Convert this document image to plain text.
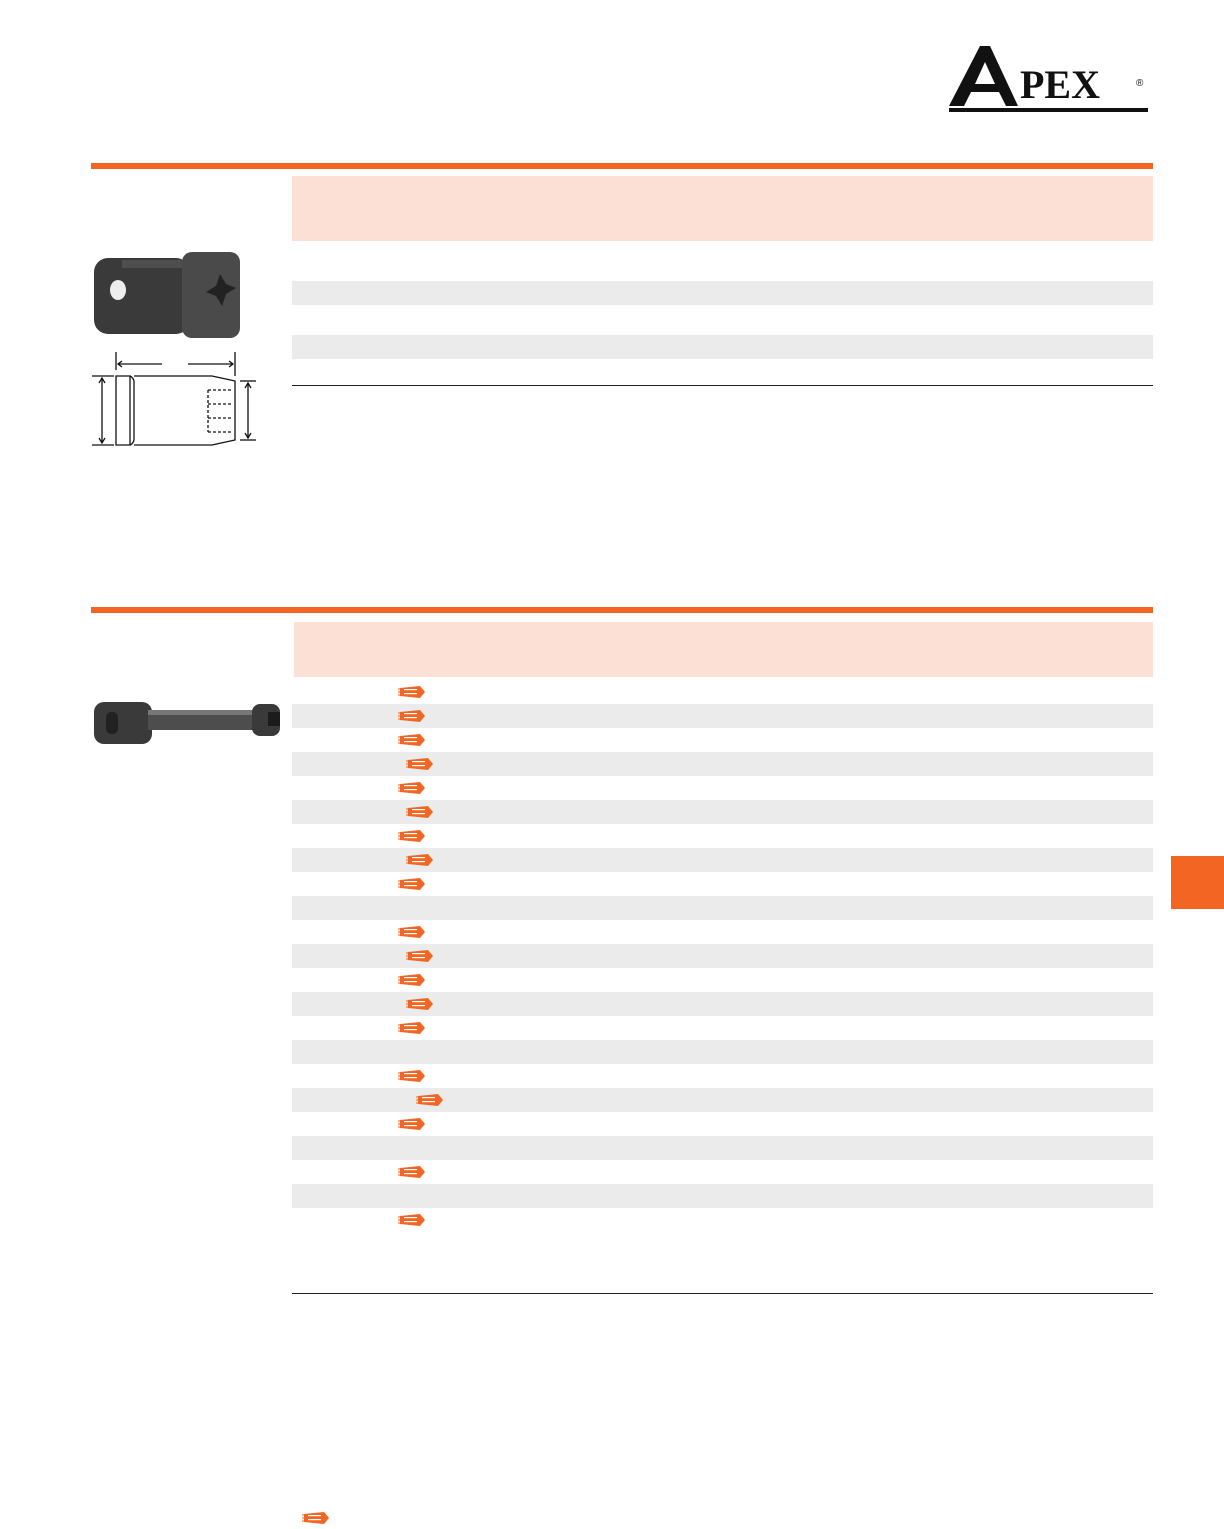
PEX	®
